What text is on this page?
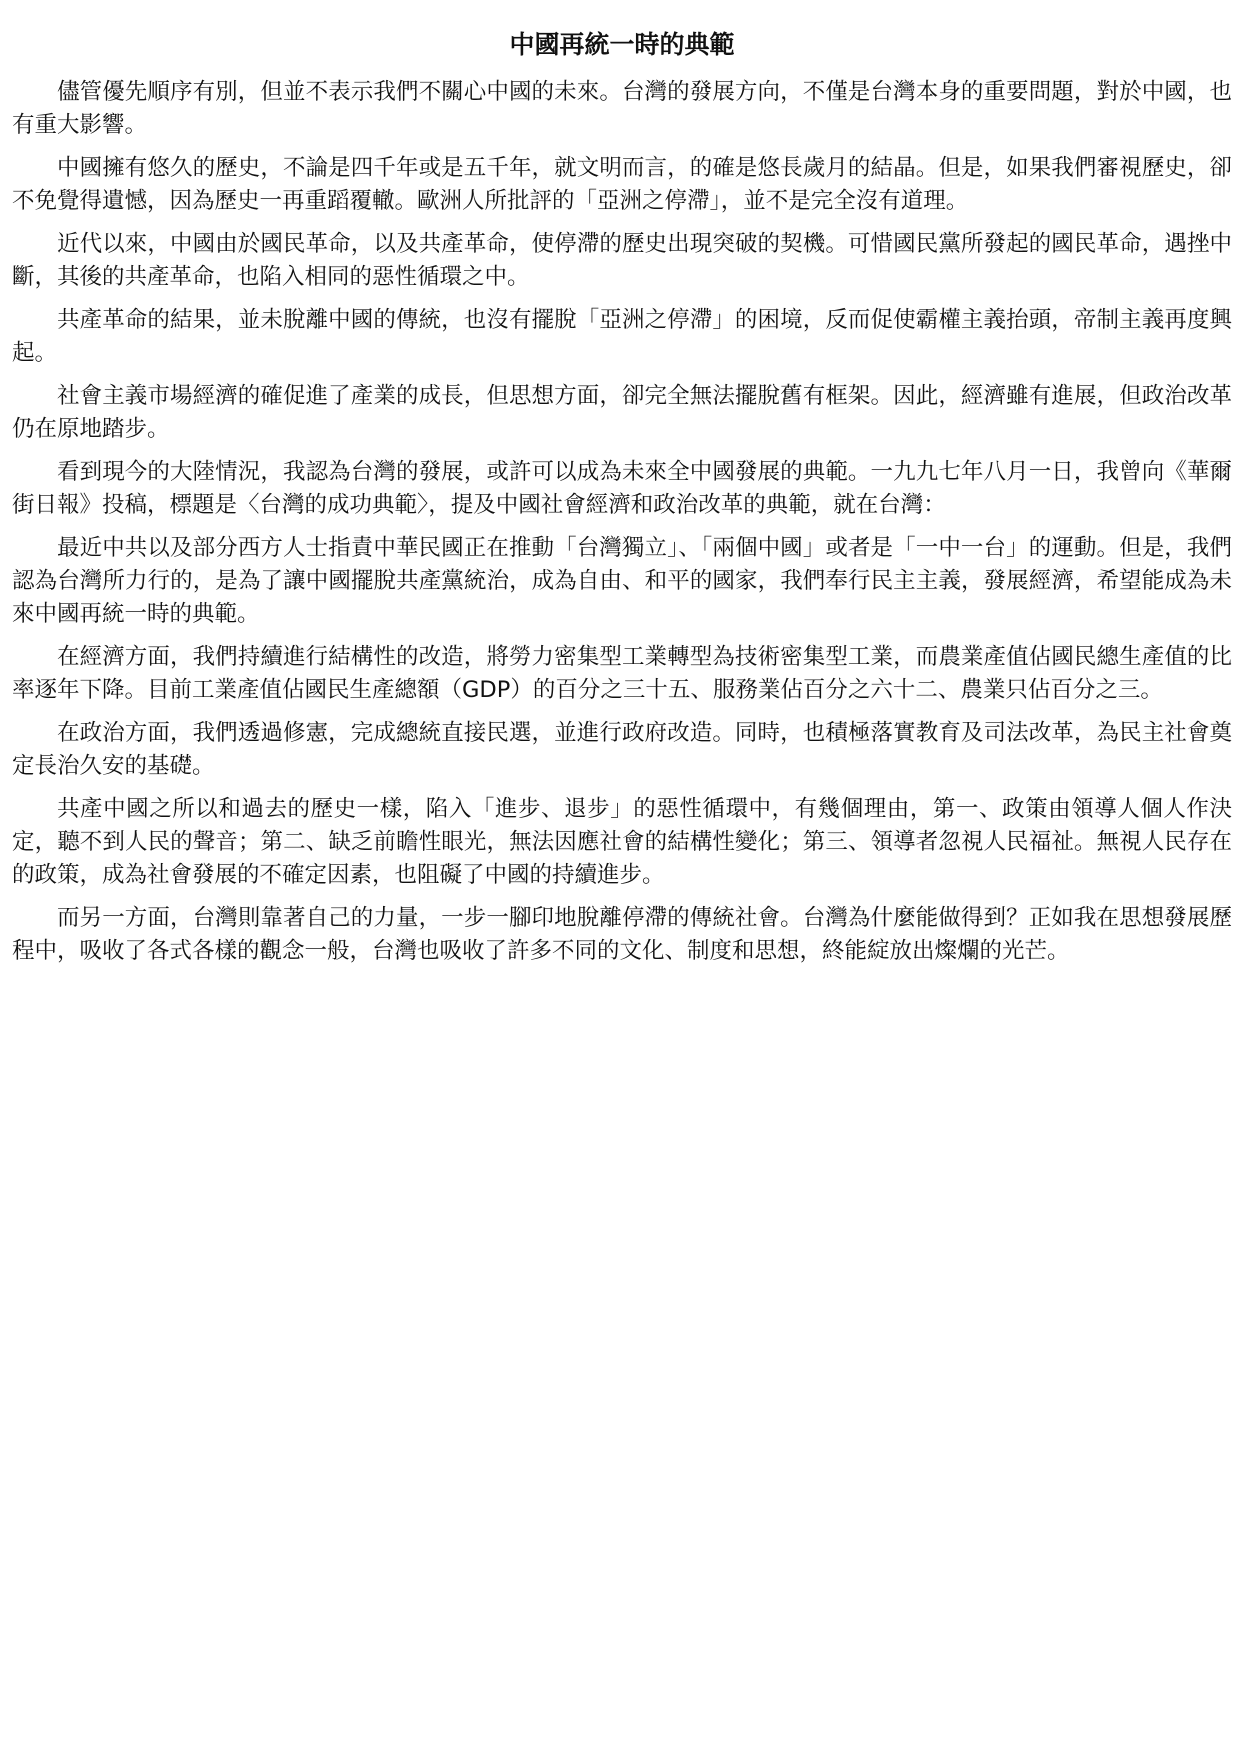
中國再統一時的典範

儘管優先順序有別，但並不表示我們不關心中國的未來。台灣的發展方向，不僅是台灣本身的重要問題，對於中國，也有重大影響。

中國擁有悠久的歷史，不論是四千年或是五千年，就文明而言，的確是悠長歲月的結晶。但是，如果我們審視歷史，卻不免覺得遺憾，因為歷史一再重蹈覆轍。歐洲人所批評的「亞洲之停滯」，並不是完全沒有道理。

近代以來，中國由於國民革命，以及共產革命，使停滯的歷史出現突破的契機。可惜國民黨所發起的國民革命，遇挫中斷，其後的共產革命，也陷入相同的惡性循環之中。

共產革命的結果，並未脫離中國的傳統，也沒有擺脫「亞洲之停滯」的困境，反而促使霸權主義抬頭，帝制主義再度興起。

社會主義市場經濟的確促進了產業的成長，但思想方面，卻完全無法擺脫舊有框架。因此，經濟雖有進展，但政治改革仍在原地踏步。

看到現今的大陸情況，我認為台灣的發展，或許可以成為未來全中國發展的典範。一九九七年八月一日，我曾向《華爾街日報》投稿，標題是〈台灣的成功典範〉，提及中國社會經濟和政治改革的典範，就在台灣：

最近中共以及部分西方人士指責中華民國正在推動「台灣獨立」、「兩個中國」或者是「一中一台」的運動。但是，我們認為台灣所力行的，是為了讓中國擺脫共產黨統治，成為自由、和平的國家，我們奉行民主主義，發展經濟，希望能成為未來中國再統一時的典範。

在經濟方面，我們持續進行結構性的改造，將勞力密集型工業轉型為技術密集型工業，而農業產值佔國民總生產值的比率逐年下降。目前工業產值佔國民生產總額（GDP）的百分之三十五、服務業佔百分之六十二、農業只佔百分之三。

在政治方面，我們透過修憲，完成總統直接民選，並進行政府改造。同時，也積極落實教育及司法改革，為民主社會奠定長治久安的基礎。

共產中國之所以和過去的歷史一樣，陷入「進步、退步」的惡性循環中，有幾個理由，第一、政策由領導人個人作決定，聽不到人民的聲音；第二、缺乏前瞻性眼光，無法因應社會的結構性變化；第三、領導者忽視人民福祉。無視人民存在的政策，成為社會發展的不確定因素，也阻礙了中國的持續進步。

而另一方面，台灣則靠著自己的力量，一步一腳印地脫離停滯的傳統社會。台灣為什麼能做得到？正如我在思想發展歷程中，吸收了各式各樣的觀念一般，台灣也吸收了許多不同的文化、制度和思想，終能綻放出燦爛的光芒。
